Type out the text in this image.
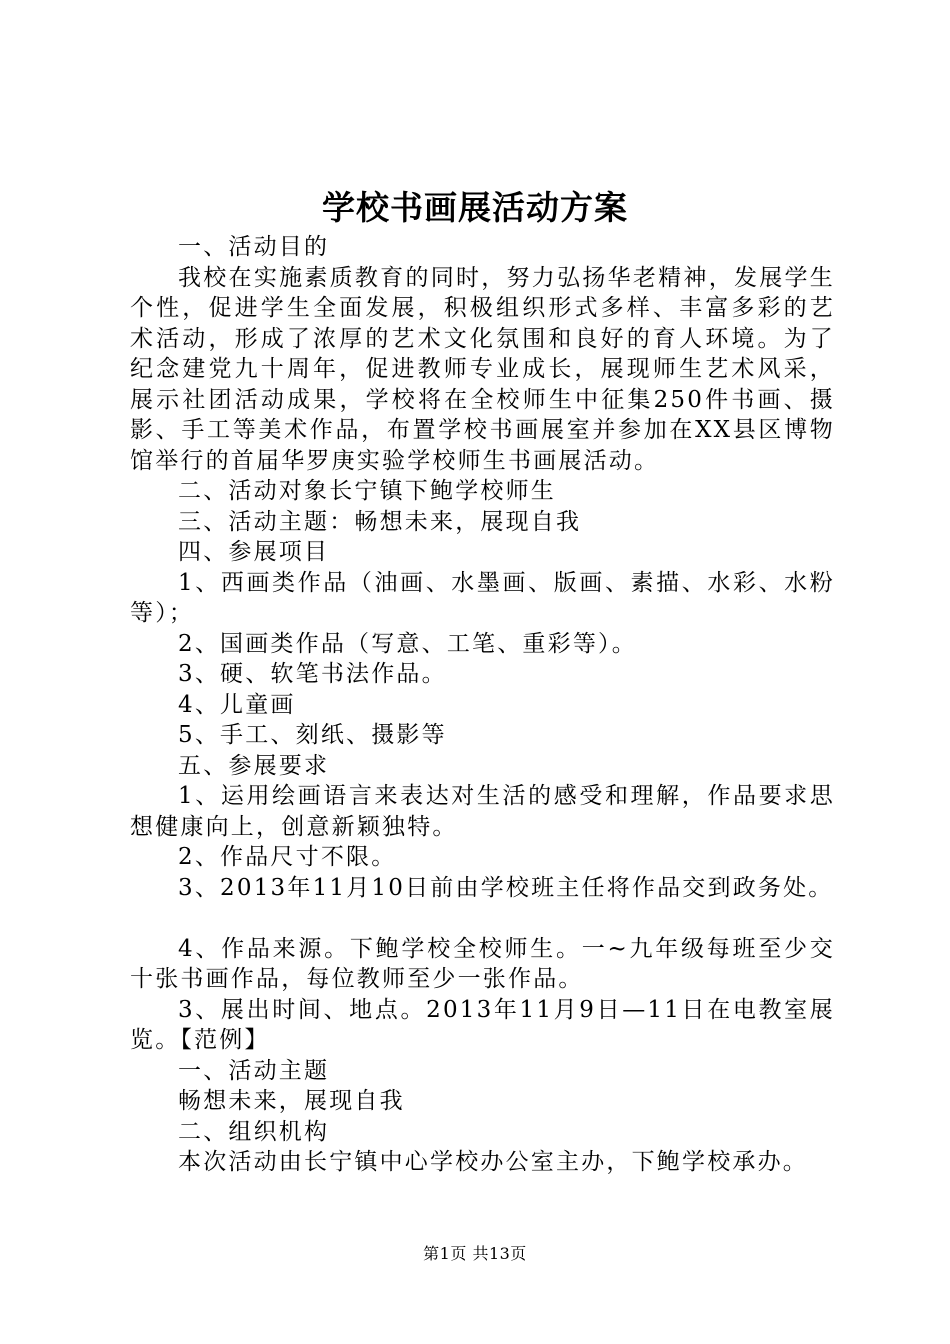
学校书画展活动方案

一、活动目的

我校在实施素质教育的同时，努力弘扬华老精神，发展学生个性，促进学生全面发展，积极组织形式多样、丰富多彩的艺术活动，形成了浓厚的艺术文化氛围和良好的育人环境。为了纪念建党九十周年，促进教师专业成长，展现师生艺术风采，展示社团活动成果，学校将在全校师生中征集250件书画、摄影、手工等美术作品，布置学校书画展室并参加在XX县区博物馆举行的首届华罗庚实验学校师生书画展活动。

二、活动对象长宁镇下鲍学校师生

三、活动主题：畅想未来，展现自我

四、参展项目

1、西画类作品（油画、水墨画、版画、素描、水彩、水粉等）；

2、国画类作品（写意、工笔、重彩等）。

3、硬、软笔书法作品。

4、儿童画

5、手工、刻纸、摄影等

五、参展要求

1、运用绘画语言来表达对生活的感受和理解，作品要求思想健康向上，创意新颖独特。

2、作品尺寸不限。

3、2013年11月10日前由学校班主任将作品交到政务处。

4、作品来源。下鲍学校全校师生。一~九年级每班至少交十张书画作品，每位教师至少一张作品。

3、展出时间、地点。2013年11月9日—11日在电教室展览。【范例】

一、活动主题

畅想未来，展现自我

二、组织机构

本次活动由长宁镇中心学校办公室主办，下鲍学校承办。

第1页 共13页
